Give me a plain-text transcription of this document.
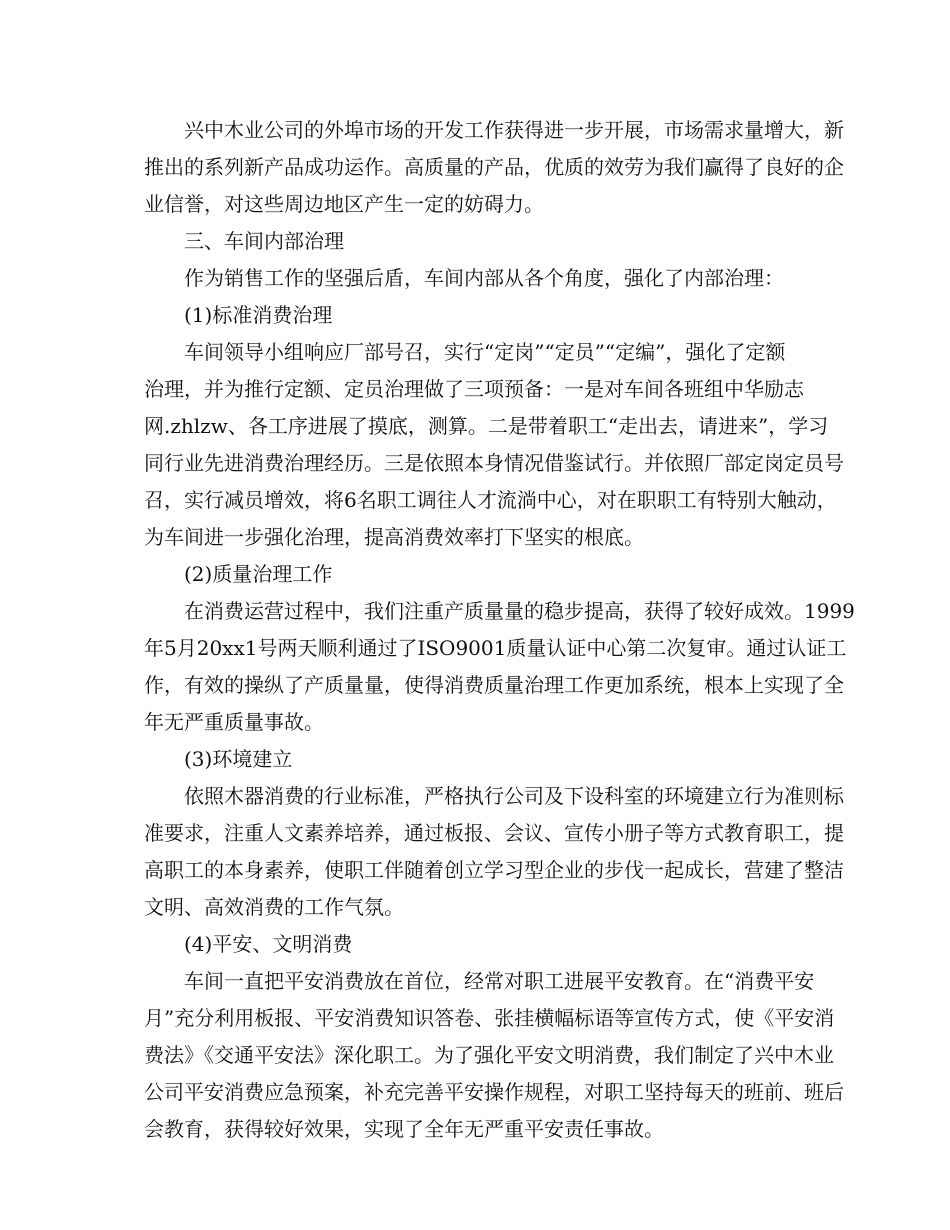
兴中木业公司的外埠市场的开发工作获得进一步开展，市场需求量增大，新
推出的系列新产品成功运作。高质量的产品，优质的效劳为我们赢得了良好的企
业信誉，对这些周边地区产生一定的妨碍力。
三、车间内部治理
作为销售工作的坚强后盾，车间内部从各个角度，强化了内部治理：
(1)标准消费治理
车间领导小组响应厂部号召，实行“定岗”“定员”“定编”，强化了定额
治理，并为推行定额、定员治理做了三项预备：一是对车间各班组中华励志
网.zhlzw、各工序进展了摸底，测算。二是带着职工“走出去，请进来”，学习
同行业先进消费治理经历。三是依照本身情况借鉴试行。并依照厂部定岗定员号
召，实行减员增效，将6名职工调往人才流淌中心，对在职职工有特别大触动，
为车间进一步强化治理，提高消费效率打下坚实的根底。
(2)质量治理工作
在消费运营过程中，我们注重产质量量的稳步提高，获得了较好成效。1999
年5月20xx1号两天顺利通过了ISO9001质量认证中心第二次复审。通过认证工
作，有效的操纵了产质量量，使得消费质量治理工作更加系统，根本上实现了全
年无严重质量事故。
(3)环境建立
依照木器消费的行业标准，严格执行公司及下设科室的环境建立行为准则标
准要求，注重人文素养培养，通过板报、会议、宣传小册子等方式教育职工，提
高职工的本身素养，使职工伴随着创立学习型企业的步伐一起成长，营建了整洁
文明、高效消费的工作气氛。
(4)平安、文明消费
车间一直把平安消费放在首位，经常对职工进展平安教育。在“消费平安
月”充分利用板报、平安消费知识答卷、张挂横幅标语等宣传方式，使《平安消
费法》《交通平安法》深化职工。为了强化平安文明消费，我们制定了兴中木业
公司平安消费应急预案，补充完善平安操作规程，对职工坚持每天的班前、班后
会教育，获得较好效果，实现了全年无严重平安责任事故。
